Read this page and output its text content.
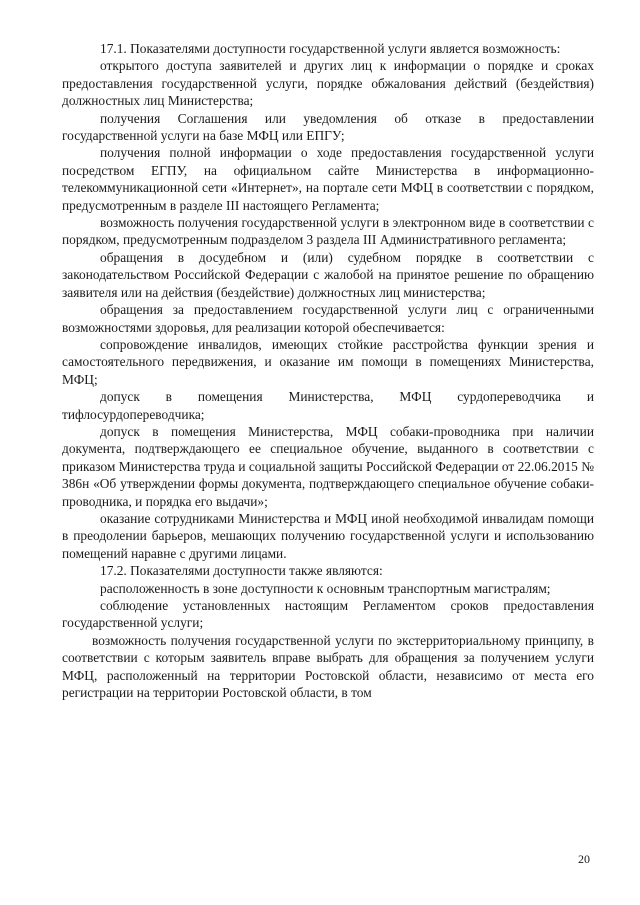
17.1. Показателями доступности государственной услуги является возможность:

открытого доступа заявителей и других лиц к информации о порядке и сроках предоставления государственной услуги, порядке обжалования действий (бездействия) должностных лиц Министерства;

получения Соглашения или уведомления об отказе в предоставлении государственной услуги на базе МФЦ или ЕПГУ;

получения полной информации о ходе предоставления государственной услуги посредством ЕГПУ, на официальном сайте Министерства в информационно-телекоммуникационной сети «Интернет», на портале сети МФЦ в соответствии с порядком, предусмотренным в разделе III настоящего Регламента;

возможность получения государственной услуги в электронном виде в соответствии с порядком, предусмотренным подразделом 3 раздела III Административного регламента;

обращения в досудебном и (или) судебном порядке в соответствии с законодательством Российской Федерации с жалобой на принятое решение по обращению заявителя или на действия (бездействие) должностных лиц министерства;

обращения за предоставлением государственной услуги лиц с ограниченными возможностями здоровья, для реализации которой обеспечивается:

сопровождение инвалидов, имеющих стойкие расстройства функции зрения и самостоятельного передвижения, и оказание им помощи в помещениях Министерства, МФЦ;

допуск в помещения Министерства, МФЦ сурдопереводчика и тифлосурдопереводчика;

допуск в помещения Министерства, МФЦ собаки-проводника при наличии документа, подтверждающего ее специальное обучение, выданного в соответствии с приказом Министерства труда и социальной защиты Российской Федерации от 22.06.2015 № 386н «Об утверждении формы документа, подтверждающего специальное обучение собаки-проводника, и порядка его выдачи»;

оказание сотрудниками Министерства и МФЦ иной необходимой инвалидам помощи в преодолении барьеров, мешающих получению государственной услуги и использованию помещений наравне с другими лицами.

17.2. Показателями доступности также являются:

расположенность в зоне доступности к основным транспортным магистралям;

соблюдение установленных настоящим Регламентом сроков предоставления государственной услуги;

возможность получения государственной услуги по экстерриториальному принципу, в соответствии с которым заявитель вправе выбрать для обращения за получением услуги МФЦ, расположенный на территории Ростовской области, независимо от места его регистрации на территории Ростовской области, в том

20
